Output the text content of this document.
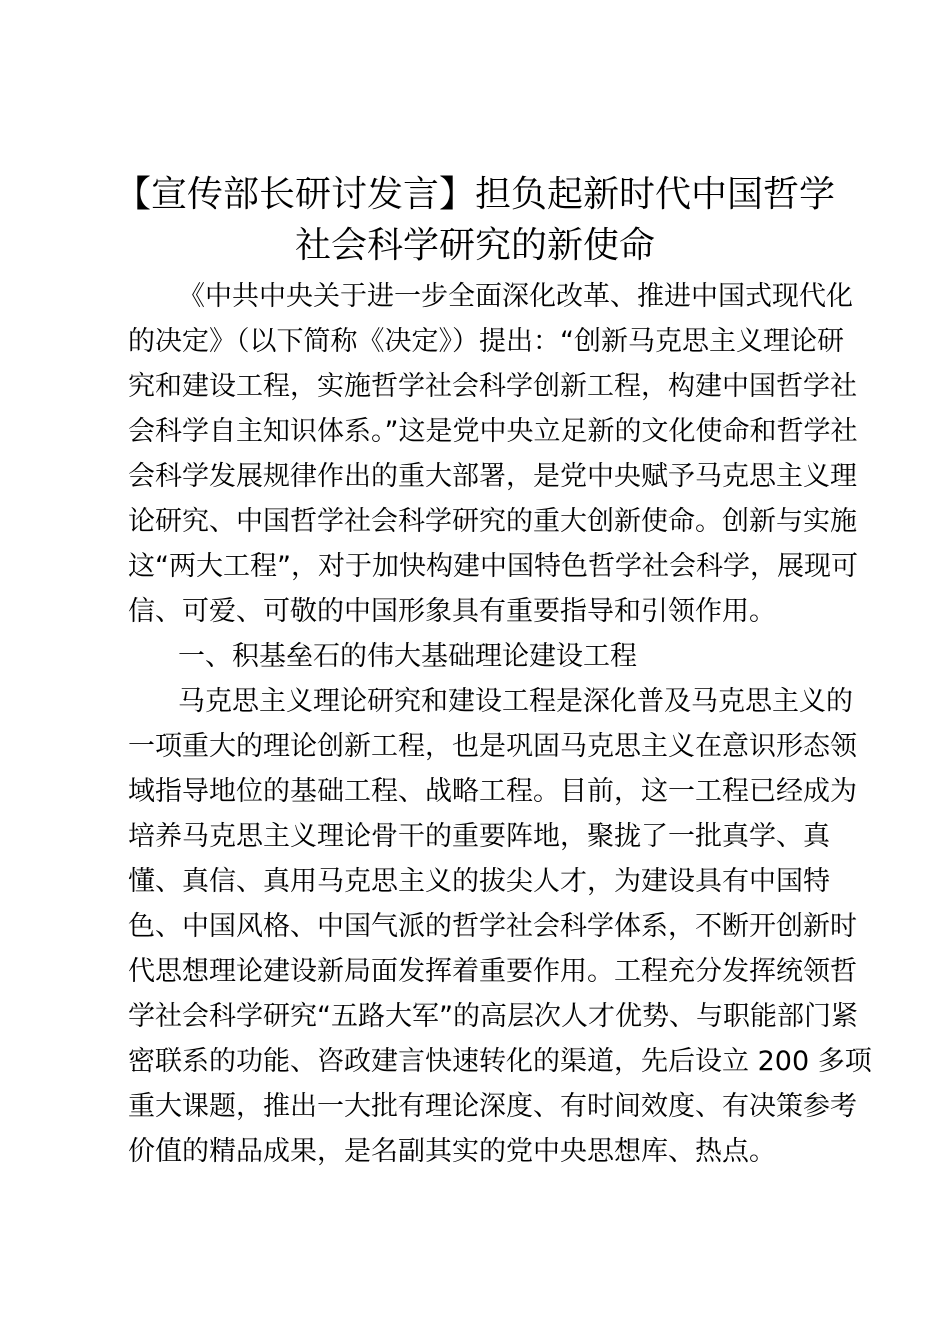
【宣传部长研讨发言】担负起新时代中国哲学
社会科学研究的新使命
《中共中央关于进一步全面深化改革、推进中国式现代化
的决定》（以下简称《决定》）提出：“创新马克思主义理论研
究和建设工程，实施哲学社会科学创新工程，构建中国哲学社
会科学自主知识体系。”这是党中央立足新的文化使命和哲学社
会科学发展规律作出的重大部署，是党中央赋予马克思主义理
论研究、中国哲学社会科学研究的重大创新使命。创新与实施
这“两大工程”，对于加快构建中国特色哲学社会科学，展现可
信、可爱、可敬的中国形象具有重要指导和引领作用。
一、积基垒石的伟大基础理论建设工程
马克思主义理论研究和建设工程是深化普及马克思主义的
一项重大的理论创新工程，也是巩固马克思主义在意识形态领
域指导地位的基础工程、战略工程。目前，这一工程已经成为
培养马克思主义理论骨干的重要阵地，聚拢了一批真学、真
懂、真信、真用马克思主义的拔尖人才，为建设具有中国特
色、中国风格、中国气派的哲学社会科学体系，不断开创新时
代思想理论建设新局面发挥着重要作用。工程充分发挥统领哲
学社会科学研究“五路大军”的高层次人才优势、与职能部门紧
密联系的功能、咨政建言快速转化的渠道，先后设立 200 多项
重大课题，推出一大批有理论深度、有时间效度、有决策参考
价值的精品成果，是名副其实的党中央思想库、热点。
